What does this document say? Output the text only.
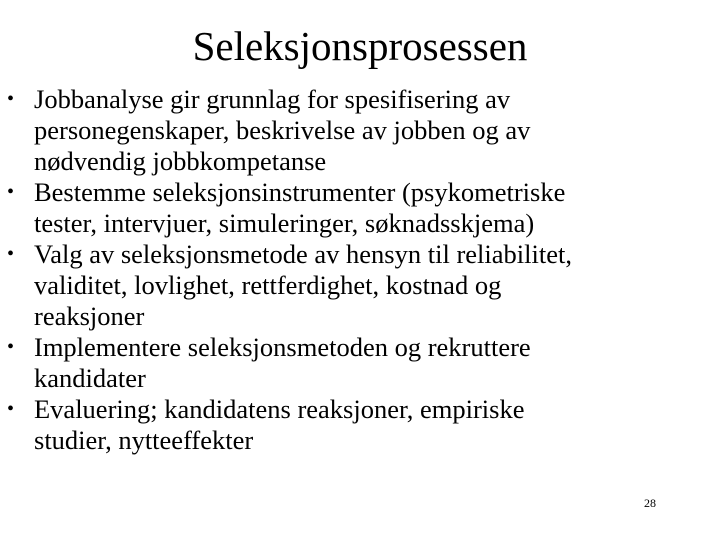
Seleksjonsprosessen
• Jobbanalyse gir grunnlag for spesifisering av
personegenskaper, beskrivelse av jobben og av
nødvendig jobbkompetanse
• Bestemme seleksjonsinstrumenter (psykometriske
tester, intervjuer, simuleringer, søknadsskjema)
• Valg av seleksjonsmetode av hensyn til reliabilitet,
validitet, lovlighet, rettferdighet, kostnad og
reaksjoner
• Implementere seleksjonsmetoden og rekruttere
kandidater
• Evaluering; kandidatens reaksjoner, empiriske
studier, nytteeffekter
28
